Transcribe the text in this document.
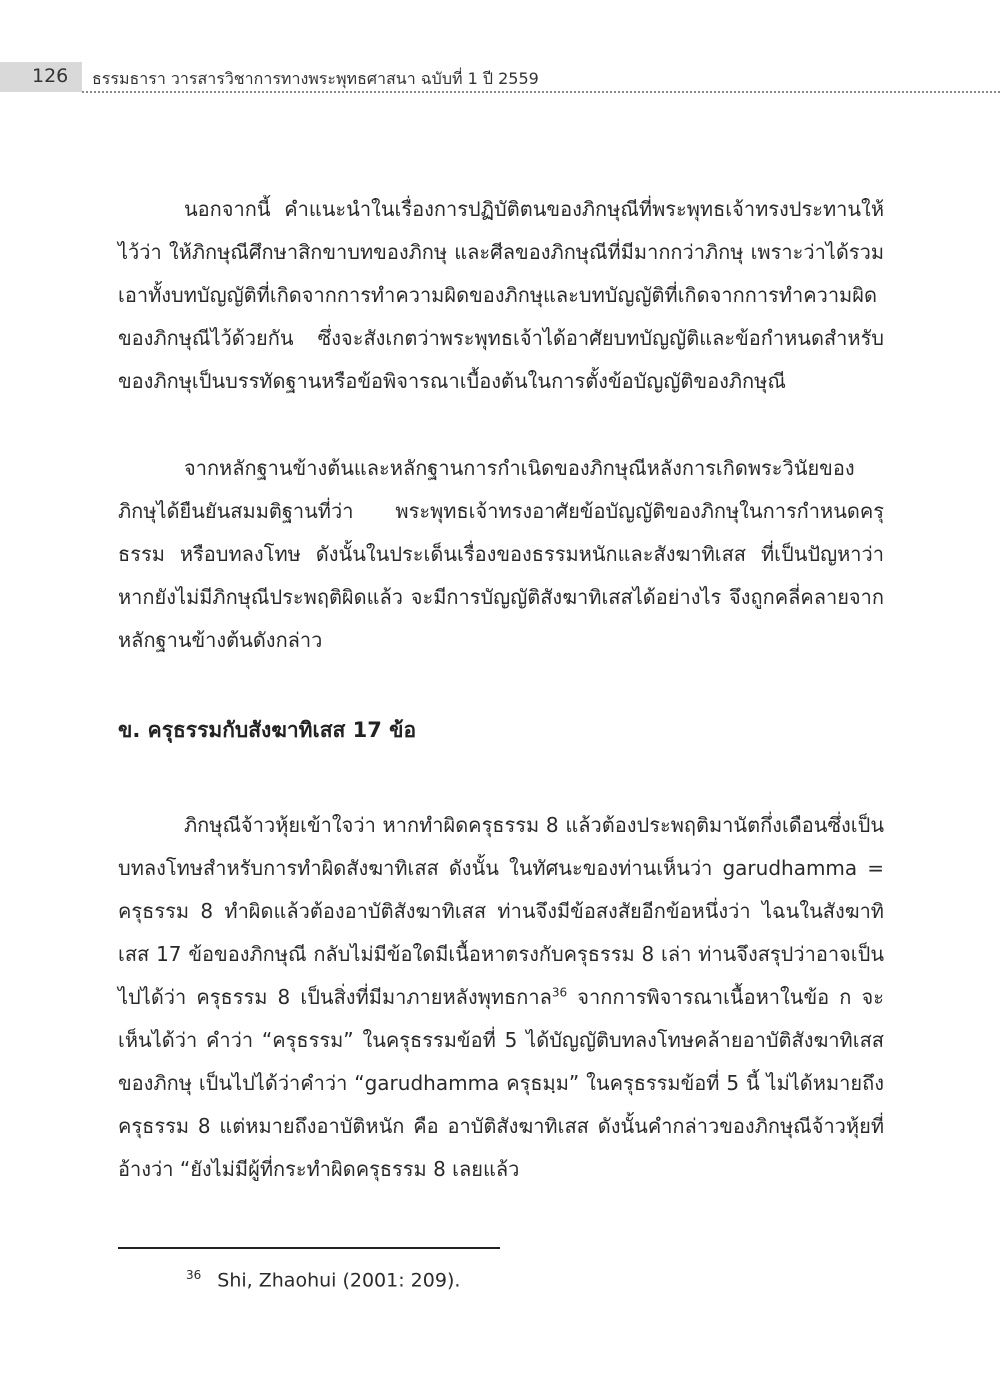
126 ธรรมธารา วารสารวิชาการทางพระพุทธศาสนา ฉบับที่ 1 ปี 2559

นอกจากนี้ คำแนะนำในเรื่องการปฏิบัติตนของภิกษุณีที่พระพุทธเจ้าทรงประทานให้ไว้ว่า ให้ภิกษุณีศึกษาสิกขาบทของภิกษุ และศีลของภิกษุณีที่มีมากกว่าภิกษุ เพราะว่าได้รวมเอาทั้งบทบัญญัติที่เกิดจากการทำความผิดของภิกษุและบทบัญญัติที่เกิดจากการทำความผิดของภิกษุณีไว้ด้วยกัน ซึ่งจะสังเกตว่าพระพุทธเจ้าได้อาศัยบทบัญญัติและข้อกำหนดสำหรับของภิกษุเป็นบรรทัดฐานหรือข้อพิจารณาเบื้องต้นในการตั้งข้อบัญญัติของภิกษุณี

จากหลักฐานข้างต้นและหลักฐานการกำเนิดของภิกษุณีหลังการเกิดพระวินัยของภิกษุได้ยืนยันสมมติฐานที่ว่า พระพุทธเจ้าทรงอาศัยข้อบัญญัติของภิกษุในการกำหนดครุธรรม หรือบทลงโทษ ดังนั้นในประเด็นเรื่องของธรรมหนักและสังฆาทิเสส ที่เป็นปัญหาว่า หากยังไม่มีภิกษุณีประพฤติผิดแล้ว จะมีการบัญญัติสังฆาทิเสสได้อย่างไร จึงถูกคลี่คลายจากหลักฐานข้างต้นดังกล่าว

ข. ครุธรรมกับสังฆาทิเสส 17 ข้อ

ภิกษุณีจ้าวหุ้ยเข้าใจว่า หากทำผิดครุธรรม 8 แล้วต้องประพฤติมานัตกึ่งเดือนซึ่งเป็นบทลงโทษสำหรับการทำผิดสังฆาทิเสส ดังนั้น ในทัศนะของท่านเห็นว่า garudhamma = ครุธรรม 8 ทำผิดแล้วต้องอาบัติสังฆาทิเสส ท่านจึงมีข้อสงสัยอีกข้อหนึ่งว่า ไฉนในสังฆาทิเสส 17 ข้อของภิกษุณี กลับไม่มีข้อใดมีเนื้อหาตรงกับครุธรรม 8 เล่า ท่านจึงสรุปว่าอาจเป็นไปได้ว่า ครุธรรม 8 เป็นสิ่งที่มีมาภายหลังพุทธกาล$^{36}$ จากการพิจารณาเนื้อหาในข้อ ก จะเห็นได้ว่า คำว่า “ครุธรรม” ในครุธรรมข้อที่ 5 ได้บัญญัติบทลงโทษคล้ายอาบัติสังฆาทิเสสของภิกษุ เป็นไปได้ว่าคำว่า “garudhamma ครุธมฺม” ในครุธรรมข้อที่ 5 นี้ ไม่ได้หมายถึงครุธรรม 8 แต่หมายถึงอาบัติหนัก คือ อาบัติสังฆาทิเสส ดังนั้นคำกล่าวของภิกษุณีจ้าวหุ้ยที่อ้างว่า “ยังไม่มีผู้ที่กระทำผิดครุธรรม 8 เลยแล้ว

$^{36}$ Shi, Zhaohui (2001: 209).
